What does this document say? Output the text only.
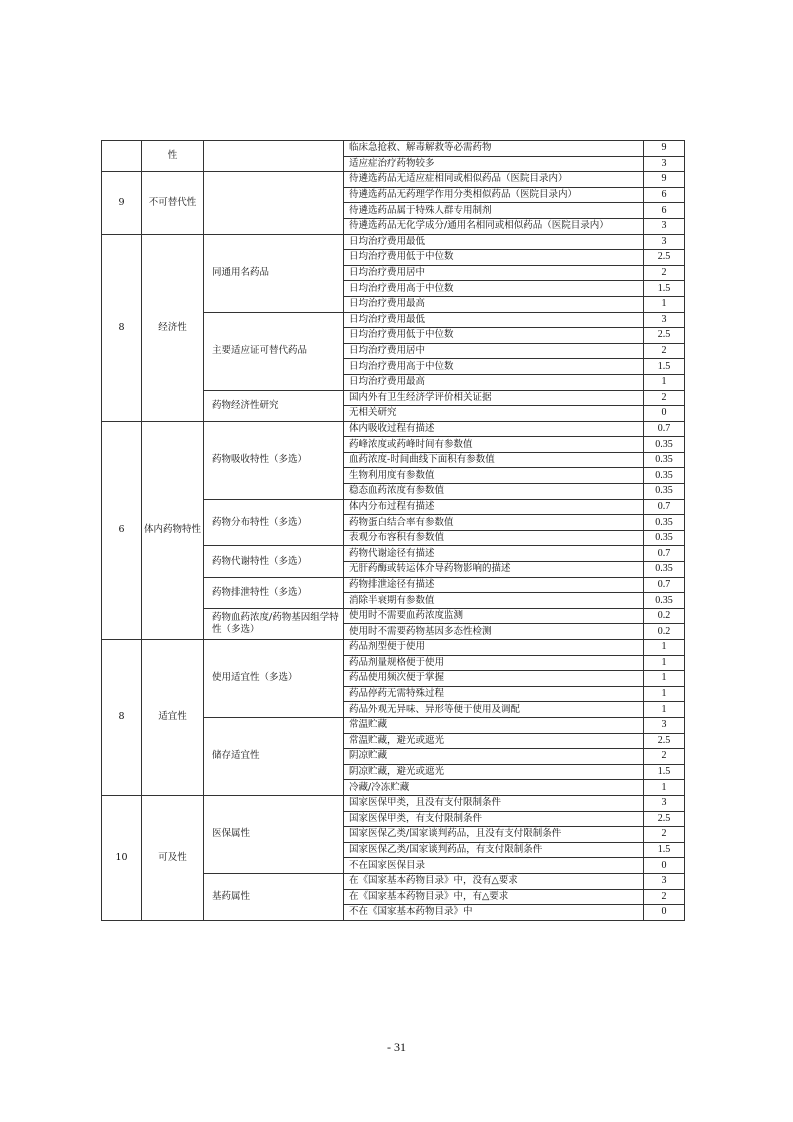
	性		临床急抢救、解毒解救等必需药物	9
			适应症治疗药物较多	3
9	不可替代性		待遴选药品无适应症相同或相似药品（医院目录内）	9
			待遴选药品无药理学作用分类相似药品（医院目录内）	6
			待遴选药品属于特殊人群专用制剂	6
			待遴选药品无化学成分/通用名相同或相似药品（医院目录内）	3
8	经济性	同通用名药品	日均治疗费用最低	3
			日均治疗费用低于中位数	2.5
			日均治疗费用居中	2
			日均治疗费用高于中位数	1.5
			日均治疗费用最高	1
		主要适应证可替代药品	日均治疗费用最低	3
			日均治疗费用低于中位数	2.5
			日均治疗费用居中	2
			日均治疗费用高于中位数	1.5
			日均治疗费用最高	1
		药物经济性研究	国内外有卫生经济学评价相关证据	2
			无相关研究	0
6	体内药物特性	药物吸收特性（多选）	体内吸收过程有描述	0.7
			药峰浓度或药峰时间有参数值	0.35
			血药浓度-时间曲线下面积有参数值	0.35
			生物利用度有参数值	0.35
			稳态血药浓度有参数值	0.35
		药物分布特性（多选）	体内分布过程有描述	0.7
			药物蛋白结合率有参数值	0.35
			表观分布容积有参数值	0.35
		药物代谢特性（多选）	药物代谢途径有描述	0.7
			无肝药酶或转运体介导药物影响的描述	0.35
		药物排泄特性（多选）	药物排泄途径有描述	0.7
			消除半衰期有参数值	0.35
		药物血药浓度/药物基因组学特性（多选）	使用时不需要血药浓度监测	0.2
			使用时不需要药物基因多态性检测	0.2
8	适宜性	使用适宜性（多选）	药品剂型便于使用	1
			药品剂量规格便于使用	1
			药品使用频次便于掌握	1
			药品停药无需特殊过程	1
			药品外观无异味、异形等便于使用及调配	1
		储存适宜性	常温贮藏	3
			常温贮藏，避光或遮光	2.5
			阴凉贮藏	2
			阴凉贮藏，避光或遮光	1.5
			冷藏/冷冻贮藏	1
10	可及性	医保属性	国家医保甲类，且没有支付限制条件	3
			国家医保甲类，有支付限制条件	2.5
			国家医保乙类/国家谈判药品，且没有支付限制条件	2
			国家医保乙类/国家谈判药品，有支付限制条件	1.5
			不在国家医保目录	0
		基药属性	在《国家基本药物目录》中，没有△要求	3
			在《国家基本药物目录》中，有△要求	2
			不在《国家基本药物目录》中	0
- 31
